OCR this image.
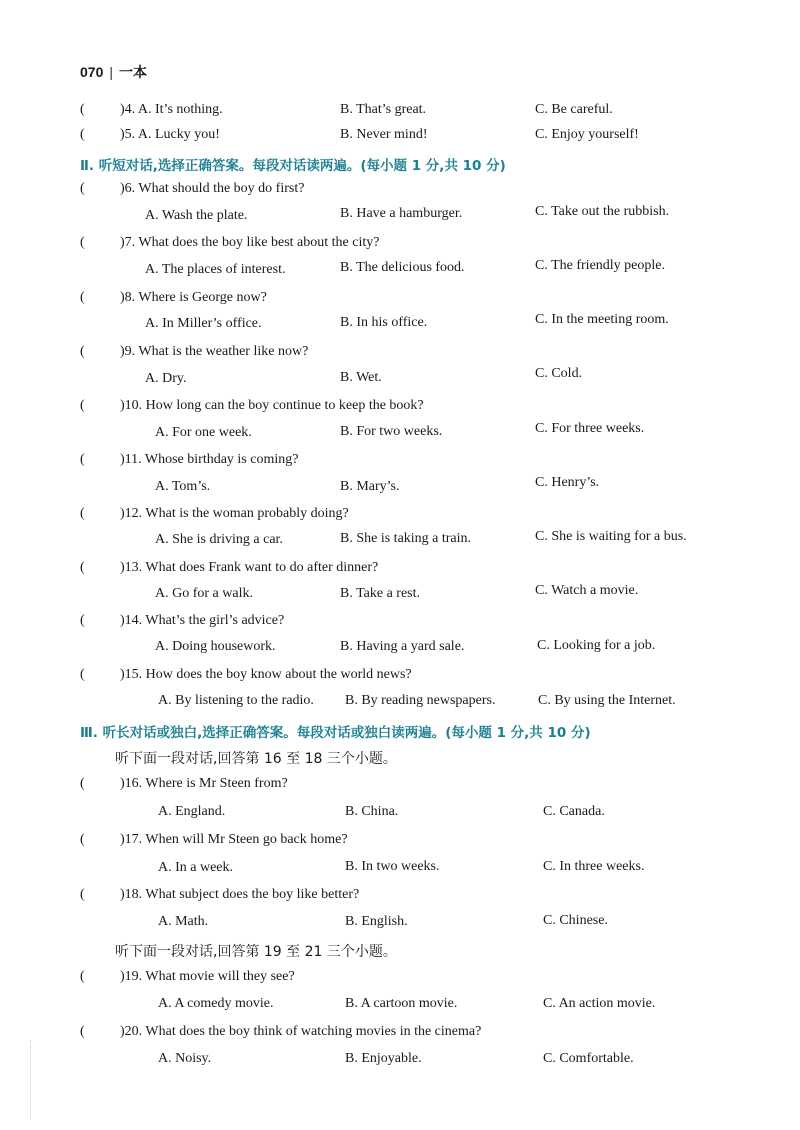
070 | 一本
(	)4. A. It’s nothing.	B. That’s great.	C. Be careful.
(	)5. A. Lucky you!	B. Never mind!	C. Enjoy yourself!
Ⅱ. 听短对话,选择正确答案。每段对话读两遍。(每小题 1 分,共 10 分)
(	)6. What should the boy do first?
A. Wash the plate.	B. Have a hamburger.	C. Take out the rubbish.
(	)7. What does the boy like best about the city?
A. The places of interest.	B. The delicious food.	C. The friendly people.
(	)8. Where is George now?
A. In Miller’s office.	B. In his office.	C. In the meeting room.
(	)9. What is the weather like now?
A. Dry.	B. Wet.	C. Cold.
(	)10. How long can the boy continue to keep the book?
A. For one week.	B. For two weeks.	C. For three weeks.
(	)11. Whose birthday is coming?
A. Tom’s.	B. Mary’s.	C. Henry’s.
(	)12. What is the woman probably doing?
A. She is driving a car.	B. She is taking a train.	C. She is waiting for a bus.
(	)13. What does Frank want to do after dinner?
A. Go for a walk.	B. Take a rest.	C. Watch a movie.
(	)14. What’s the girl’s advice?
A. Doing housework.	B. Having a yard sale.	C. Looking for a job.
(	)15. How does the boy know about the world news?
A. By listening to the radio. B. By reading newspapers.	C. By using the Internet.
Ⅲ. 听长对话或独白,选择正确答案。每段对话或独白读两遍。(每小题 1 分,共 10 分)
听下面一段对话,回答第 16 至 18 三个小题。
(	)16. Where is Mr Steen from?
A. England.	B. China.	C. Canada.
(	)17. When will Mr Steen go back home?
A. In a week.	B. In two weeks.	C. In three weeks.
(	)18. What subject does the boy like better?
A. Math.	B. English.	C. Chinese.
听下面一段对话,回答第 19 至 21 三个小题。
(	)19. What movie will they see?
A. A comedy movie.	B. A cartoon movie.	C. An action movie.
(	)20. What does the boy think of watching movies in the cinema?
A. Noisy.	B. Enjoyable.	C. Comfortable.
